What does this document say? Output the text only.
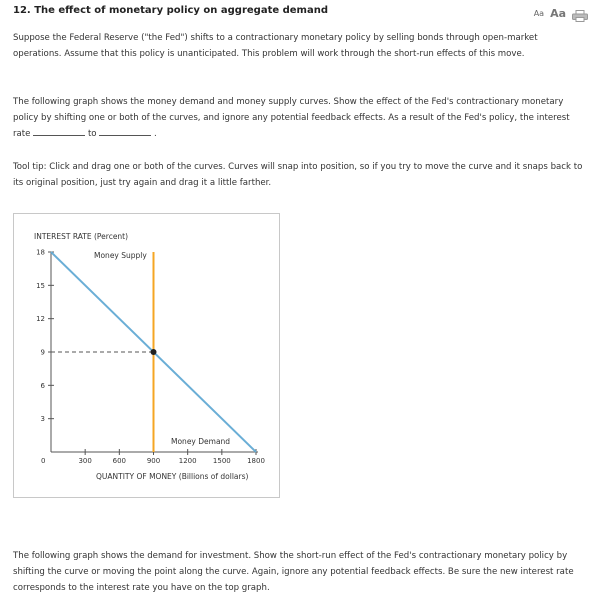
12. The effect of monetary policy on aggregate demand	Aa Aa
Suppose the Federal Reserve ("the Fed") shifts to a contractionary monetary policy by selling bonds through open-market operations. Assume that this policy is unanticipated. This problem will work through the short-run effects of this move.
The following graph shows the money demand and money supply curves. Show the effect of the Fed's contractionary monetary policy by shifting one or both of the curves, and ignore any potential feedback effects. As a result of the Fed's policy, the interest rate	to	.
Tool tip: Click and drag one or both of the curves. Curves will snap into position, so if you try to move the curve and it snaps back to its original position, just try again and drag it a little farther.
INTEREST RATE (Percent)
QUANTITY OF MONEY (Billions of dollars)
0
3
6
9
12
15
18
300	600	900	1200 1500 1800
Money Supply
Money Demand
The following graph shows the demand for investment. Show the short-run effect of the Fed's contractionary monetary policy by shifting the curve or moving the point along the curve. Again, ignore any potential feedback effects. Be sure the new interest rate corresponds to the interest rate you have on the top graph.
